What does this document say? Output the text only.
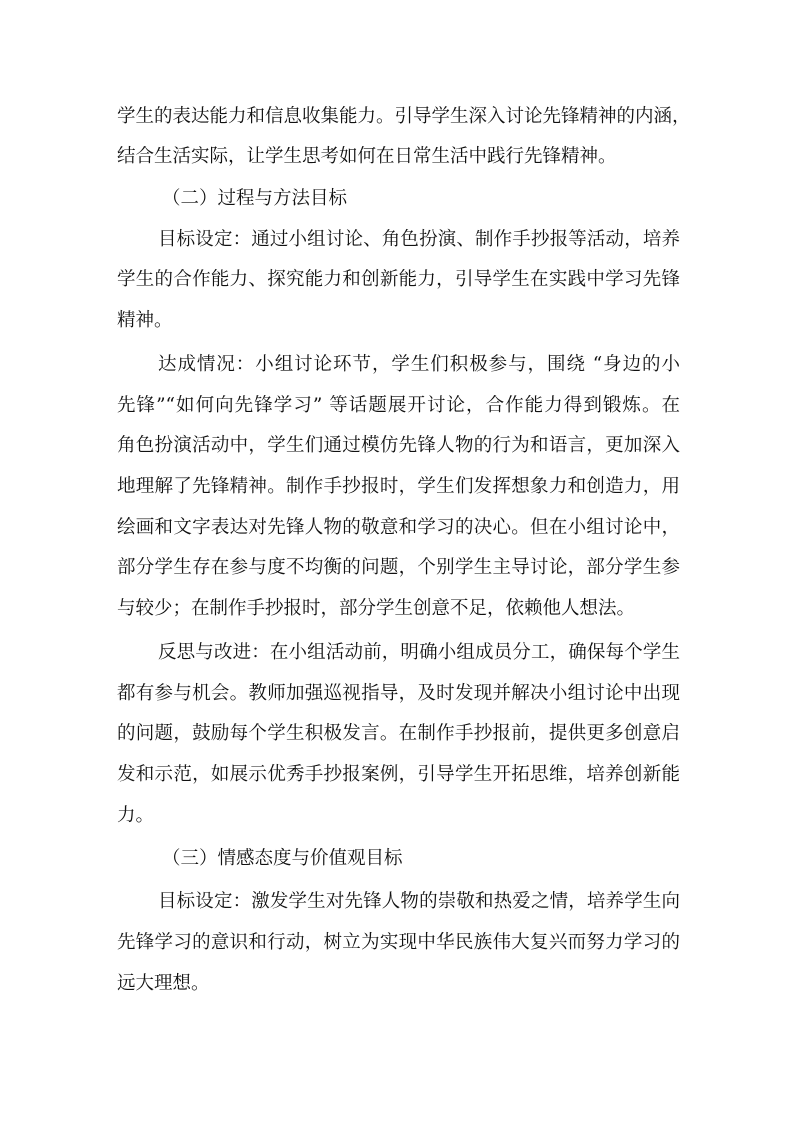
学生的表达能力和信息收集能力。引导学生深入讨论先锋精神的内涵，
结合生活实际，让学生思考如何在日常生活中践行先锋精神。
（二）过程与方法目标
目标设定：通过小组讨论、角色扮演、制作手抄报等活动，培养
学生的合作能力、探究能力和创新能力，引导学生在实践中学习先锋
精神。
达成情况：小组讨论环节，学生们积极参与，围绕 “身边的小
先锋”“如何向先锋学习” 等话题展开讨论，合作能力得到锻炼。在
角色扮演活动中，学生们通过模仿先锋人物的行为和语言，更加深入
地理解了先锋精神。制作手抄报时，学生们发挥想象力和创造力，用
绘画和文字表达对先锋人物的敬意和学习的决心。但在小组讨论中，
部分学生存在参与度不均衡的问题，个别学生主导讨论，部分学生参
与较少；在制作手抄报时，部分学生创意不足，依赖他人想法。
反思与改进：在小组活动前，明确小组成员分工，确保每个学生
都有参与机会。教师加强巡视指导，及时发现并解决小组讨论中出现
的问题，鼓励每个学生积极发言。在制作手抄报前，提供更多创意启
发和示范，如展示优秀手抄报案例，引导学生开拓思维，培养创新能
力。
（三）情感态度与价值观目标
目标设定：激发学生对先锋人物的崇敬和热爱之情，培养学生向
先锋学习的意识和行动，树立为实现中华民族伟大复兴而努力学习的
远大理想。
